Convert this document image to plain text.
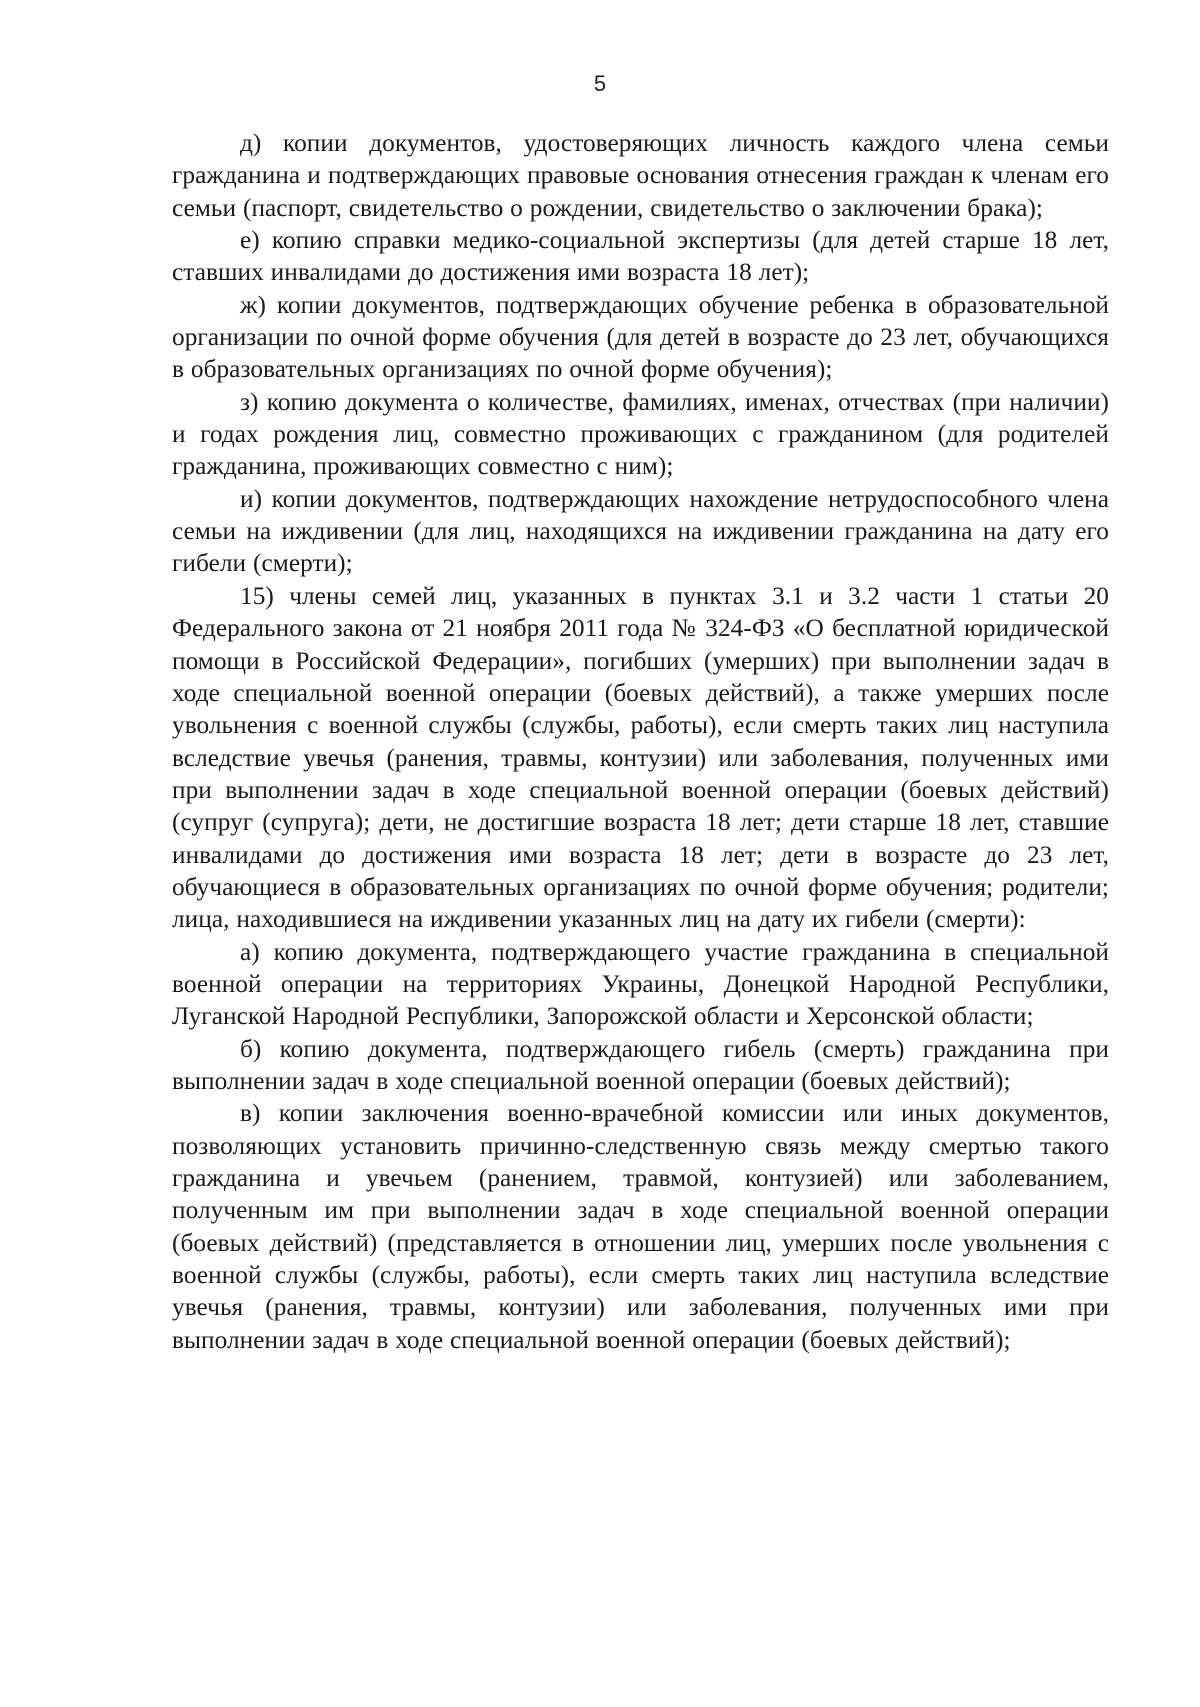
5

д) копии документов, удостоверяющих личность каждого члена семьи гражданина и подтверждающих правовые основания отнесения граждан к членам его семьи (паспорт, свидетельство о рождении, свидетельство о заключении брака);

е) копию справки медико-социальной экспертизы (для детей старше 18 лет, ставших инвалидами до достижения ими возраста 18 лет);

ж) копии документов, подтверждающих обучение ребенка в образовательной организации по очной форме обучения (для детей в возрасте до 23 лет, обучающихся в образовательных организациях по очной форме обучения);

з) копию документа о количестве, фамилиях, именах, отчествах (при наличии) и годах рождения лиц, совместно проживающих с гражданином (для родителей гражданина, проживающих совместно с ним);

и) копии документов, подтверждающих нахождение нетрудоспособного члена семьи на иждивении (для лиц, находящихся на иждивении гражданина на дату его гибели (смерти);

15) члены семей лиц, указанных в пунктах 3.1 и 3.2 части 1 статьи 20 Федерального закона от 21 ноября 2011 года № 324-ФЗ «О бесплатной юридической помощи в Российской Федерации», погибших (умерших) при выполнении задач в ходе специальной военной операции (боевых действий), а также умерших после увольнения с военной службы (службы, работы), если смерть таких лиц наступила вследствие увечья (ранения, травмы, контузии) или заболевания, полученных ими при выполнении задач в ходе специальной военной операции (боевых действий) (супруг (супруга); дети, не достигшие возраста 18 лет; дети старше 18 лет, ставшие инвалидами до достижения ими возраста 18 лет; дети в возрасте до 23 лет, обучающиеся в образовательных организациях по очной форме обучения; родители; лица, находившиеся на иждивении указанных лиц на дату их гибели (смерти):

а) копию документа, подтверждающего участие гражданина в специальной военной операции на территориях Украины, Донецкой Народной Республики, Луганской Народной Республики, Запорожской области и Херсонской области;

б) копию документа, подтверждающего гибель (смерть) гражданина при выполнении задач в ходе специальной военной операции (боевых действий);

в) копии заключения военно-врачебной комиссии или иных документов, позволяющих установить причинно-следственную связь между смертью такого гражданина и увечьем (ранением, травмой, контузией) или заболеванием, полученным им при выполнении задач в ходе специальной военной операции (боевых действий) (представляется в отношении лиц, умерших после увольнения с военной службы (службы, работы), если смерть таких лиц наступила вследствие увечья (ранения, травмы, контузии) или заболевания, полученных ими при выполнении задач в ходе специальной военной операции (боевых действий);
